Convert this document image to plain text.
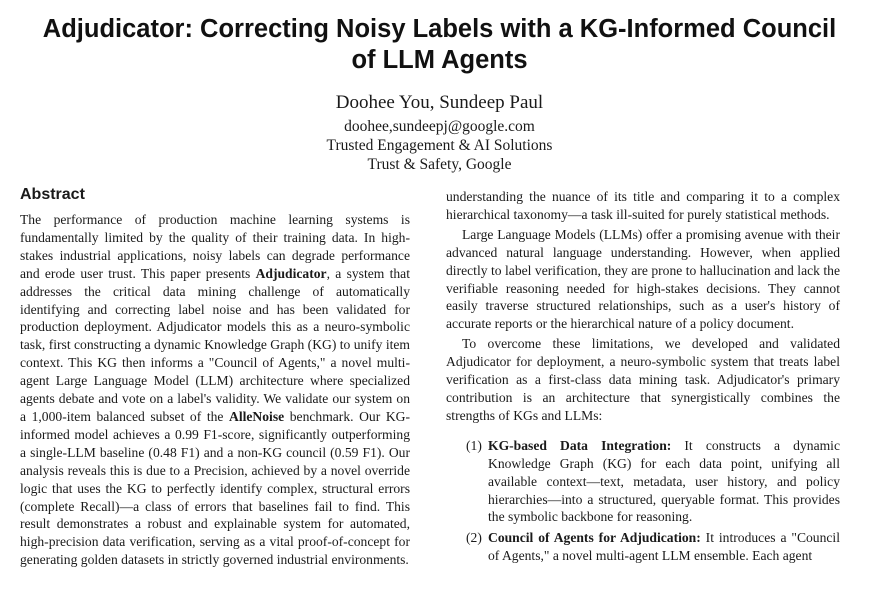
Adjudicator: Correcting Noisy Labels with a KG-Informed Council of LLM Agents
Doohee You, Sundeep Paul
doohee,sundeepj@google.com
Trusted Engagement & AI Solutions
Trust & Safety, Google
Abstract

The performance of production machine learning systems is fundamentally limited by the quality of their training data. In high-stakes industrial applications, noisy labels can degrade performance and erode user trust. This paper presents Adjudicator, a system that addresses the critical data mining challenge of automatically identifying and correcting label noise and has been validated for production deployment. Adjudicator models this as a neuro-symbolic task, first constructing a dynamic Knowledge Graph (KG) to unify item context. This KG then informs a "Council of Agents," a novel multi-agent Large Language Model (LLM) architecture where specialized agents debate and vote on a label's validity. We validate our system on a 1,000-item balanced subset of the AlleNoise benchmark. Our KG-informed model achieves a 0.99 F1-score, significantly outperforming a single-LLM baseline (0.48 F1) and a non-KG council (0.59 F1). Our analysis reveals this is due to a Precision, achieved by a novel override logic that uses the KG to perfectly identify complex, structural errors (complete Recall)—a class of errors that baselines fail to find. This result demonstrates a robust and explainable system for automated, high-precision data verification, serving as a vital proof-of-concept for generating golden datasets in strictly governed industrial environments.

understanding the nuance of its title and comparing it to a complex hierarchical taxonomy—a task ill-suited for purely statistical methods.

Large Language Models (LLMs) offer a promising avenue with their advanced natural language understanding. However, when applied directly to label verification, they are prone to hallucination and lack the verifiable reasoning needed for high-stakes decisions. They cannot easily traverse structured relationships, such as a user's history of accurate reports or the hierarchical nature of a policy document.

To overcome these limitations, we developed and validated Adjudicator for deployment, a neuro-symbolic system that treats label verification as a first-class data mining task. Adjudicator's primary contribution is an architecture that synergistically combines the strengths of KGs and LLMs:

(1) KG-based Data Integration: It constructs a dynamic Knowledge Graph (KG) for each data point, unifying all available context—text, metadata, user history, and policy hierarchies—into a structured, queryable format. This provides the symbolic backbone for reasoning.
(2) Council of Agents for Adjudication: It introduces a "Council of Agents," a novel multi-agent LLM ensemble. Each agent
